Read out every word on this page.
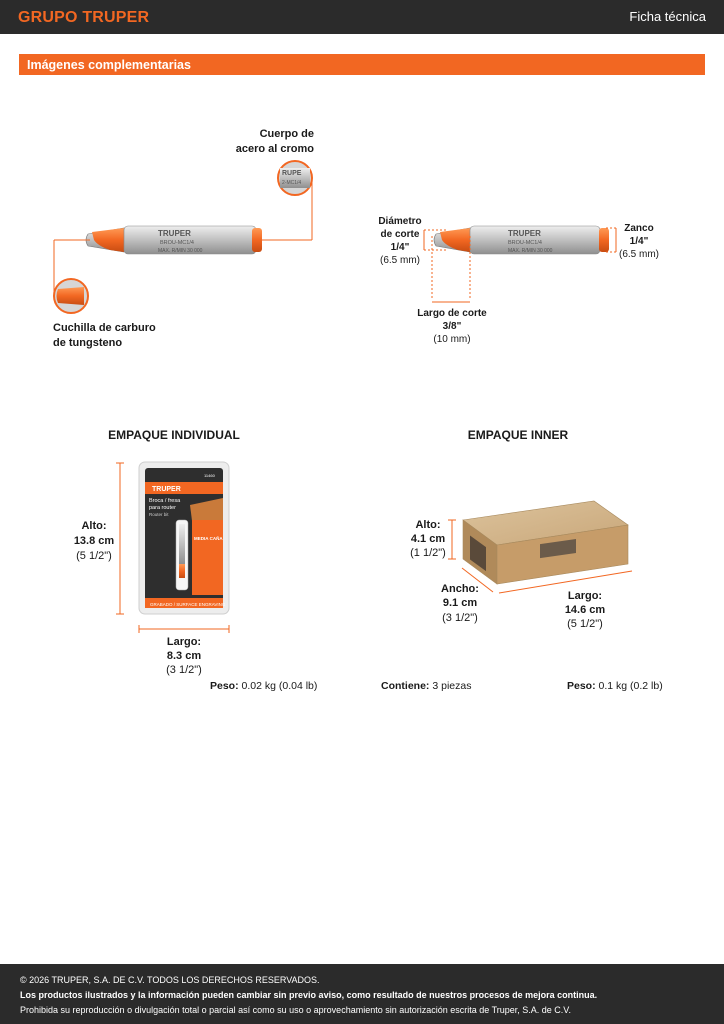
GRUPO TRUPER	Ficha técnica
Imágenes complementarias
TRUPER
BROU-MC1/4
MAX. R/MIN 30 000
RUPE
2-MC1/4
TRUPER
BROU-MC1/4
MAX. R/MIN 30 000
TRUPER
11460
Broca / fresa
para router
Router bit
MEDIA CAÑA
GRABADO / SURFACE ENGRAVING
Cuerpo de
acero al cromo
Cuchilla de carburo
de tungsteno
Diámetro
de corte
1/4"
(6.5 mm)
Zanco
1/4"
(6.5 mm)
Largo de corte
3/8"
(10 mm)
EMPAQUE INDIVIDUAL
Alto:
13.8 cm
(5 1/2")
Largo:
8.3 cm
(3 1/2")
Peso: 0.02 kg (0.04 lb)
EMPAQUE INNER
Alto:
4.1 cm
(1 1/2")
Ancho:
9.1 cm
(3 1/2")
Largo:
14.6 cm
(5 1/2")
Contiene: 3 piezas	Peso: 0.1 kg (0.2 lb)
© 2026 TRUPER, S.A. DE C.V. TODOS LOS DERECHOS RESERVADOS.
Los productos ilustrados y la información pueden cambiar sin previo aviso, como resultado de nuestros procesos de mejora continua.
Prohibida su reproducción o divulgación total o parcial así como su uso o aprovechamiento sin autorización escrita de Truper, S.A. de C.V.
